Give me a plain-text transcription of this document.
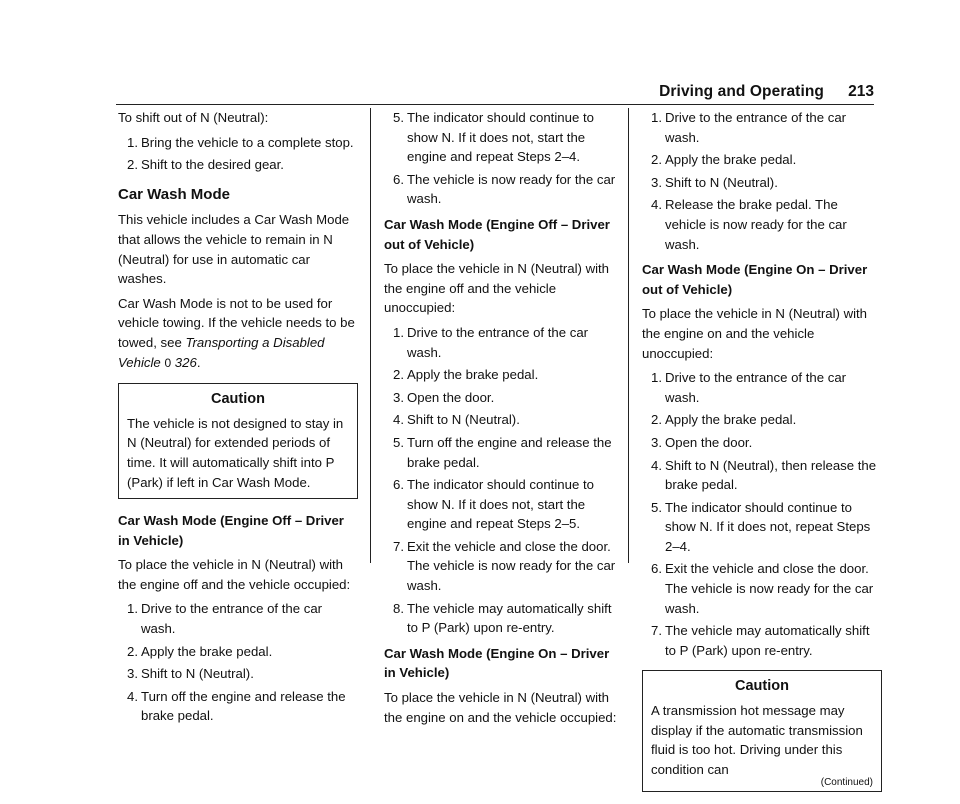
Driving and Operating 213

To shift out of N (Neutral):

1 . Bring the vehicle to a complete stop.
2 . Shift to the desired gear.
Car Wash Mode

This vehicle includes a Car Wash Mode that allows the vehicle to remain in N (Neutral) for use in automatic car washes.

Car Wash Mode is not to be used for vehicle towing. If the vehicle needs to be towed, see Transporting a Disabled Vehicle 0 326.

Caution
The vehicle is not designed to stay in N (Neutral) for extended periods of time. It will automatically shift into P (Park) if left in Car Wash Mode.
Car Wash Mode (Engine Off – Driver in Vehicle)

To place the vehicle in N (Neutral) with the engine off and the vehicle occupied:

1 . Drive to the entrance of the car wash.
2 . Apply the brake pedal.
3 . Shift to N (Neutral).
4 . Turn off the engine and release the brake pedal.
5 . The indicator should continue to show N. If it does not, start the engine and repeat Steps 2–4.
6 . The vehicle is now ready for the car wash.
Car Wash Mode (Engine Off – Driver out of Vehicle)

To place the vehicle in N (Neutral) with the engine off and the vehicle unoccupied:

1 . Drive to the entrance of the car wash.
2 . Apply the brake pedal.
3 . Open the door.
4 . Shift to N (Neutral).
5 . Turn off the engine and release the brake pedal.
6 . The indicator should continue to show N. If it does not, start the engine and repeat Steps 2–5.
7 . Exit the vehicle and close the door. The vehicle is now ready for the car wash.
8 . The vehicle may automatically shift to P (Park) upon re-entry.
Car Wash Mode (Engine On – Driver in Vehicle)

To place the vehicle in N (Neutral) with the engine on and the vehicle occupied:

1 . Drive to the entrance of the car wash.
2 . Apply the brake pedal.
3 . Shift to N (Neutral).
4 . Release the brake pedal. The vehicle is now ready for the car wash.
Car Wash Mode (Engine On – Driver out of Vehicle)

To place the vehicle in N (Neutral) with the engine on and the vehicle unoccupied:

1 . Drive to the entrance of the car wash.
2 . Apply the brake pedal.
3 . Open the door.
4 . Shift to N (Neutral), then release the brake pedal.
5 . The indicator should continue to show N. If it does not, repeat Steps 2–4.
6 . Exit the vehicle and close the door. The vehicle is now ready for the car wash.
7 . The vehicle may automatically shift to P (Park) upon re-entry.
Caution
A transmission hot message may display if the automatic transmission fluid is too hot. Driving under this condition can
(Continued)
